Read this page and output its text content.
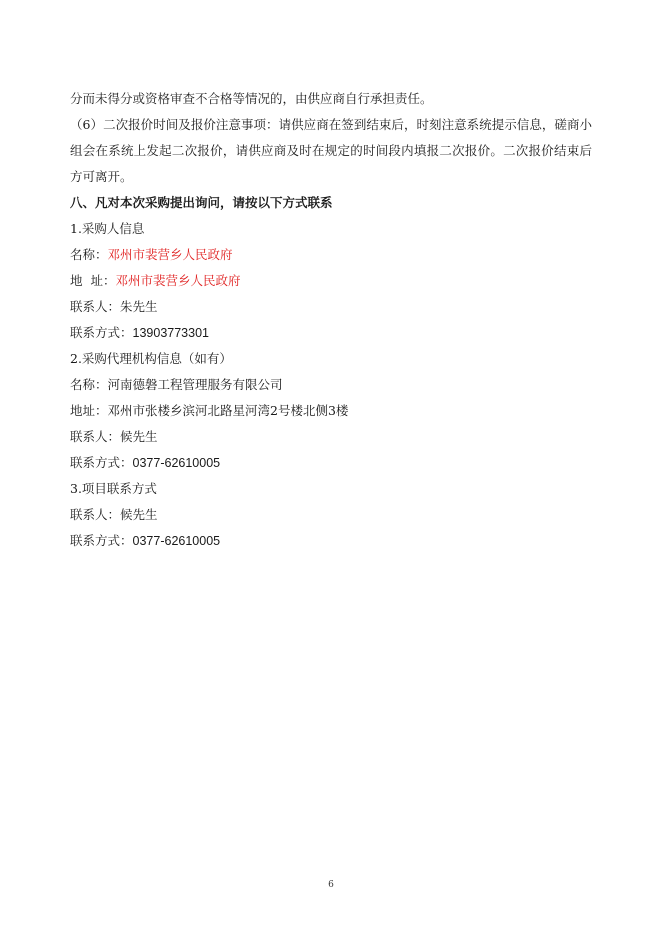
分而未得分或资格审查不合格等情况的，由供应商自行承担责任。
（6）二次报价时间及报价注意事项：请供应商在签到结束后，时刻注意系统提示信息，磋商小组会在系统上发起二次报价，请供应商及时在规定的时间段内填报二次报价。二次报价结束后方可离开。
八、凡对本次采购提出询问，请按以下方式联系
1.采购人信息
名称：邓州市裴营乡人民政府
地  址：邓州市裴营乡人民政府
联系人：朱先生
联系方式：13903773301
2.采购代理机构信息（如有）
名称：河南德磐工程管理服务有限公司
地址：邓州市张楼乡滨河北路星河湾2号楼北侧3楼
联系人：候先生
联系方式：0377-62610005
3.项目联系方式
联系人：候先生
联系方式：0377-62610005
6
